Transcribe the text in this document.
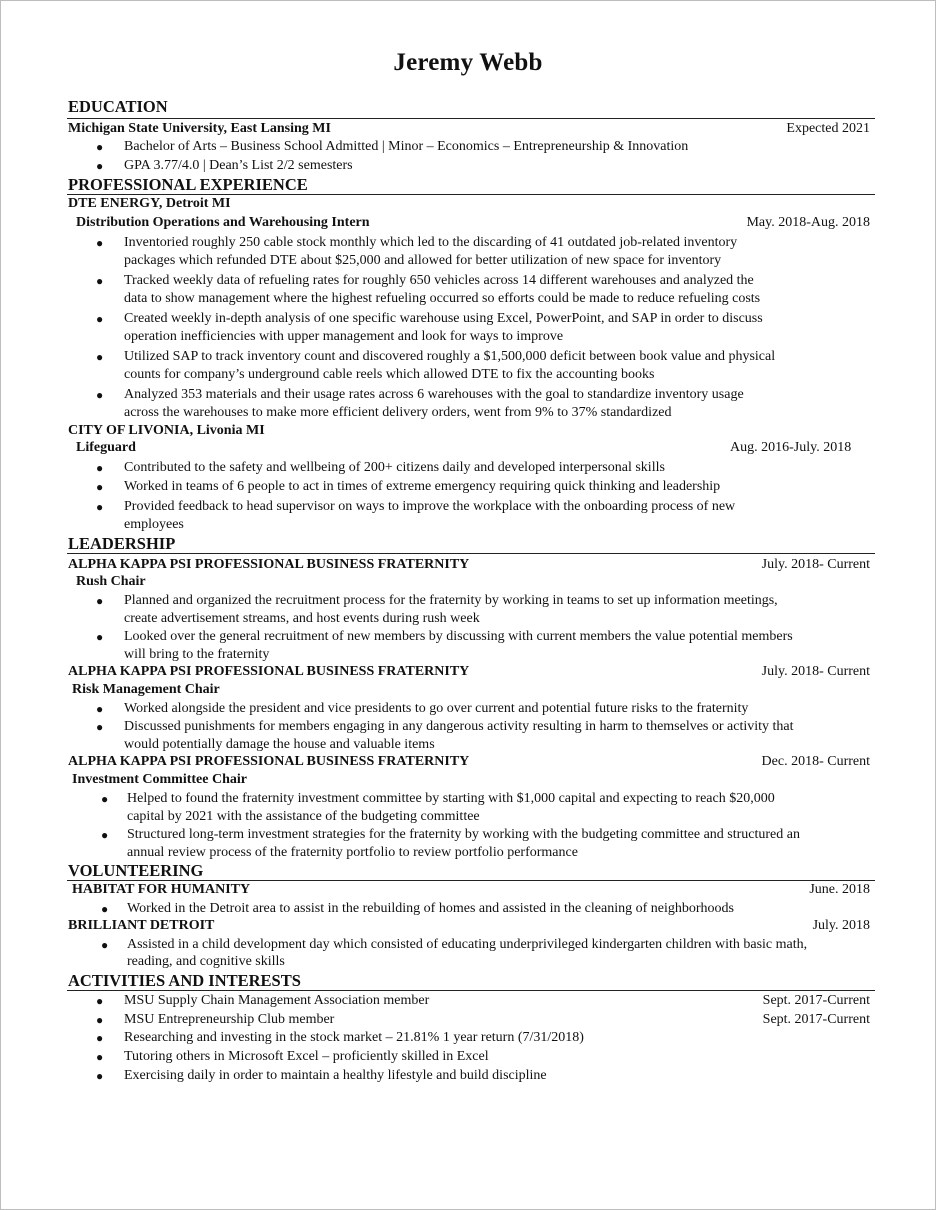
Jeremy Webb
EDUCATION
Michigan State University, East Lansing MI	Expected 2021
● Bachelor of Arts – Business School Admitted | Minor – Economics – Entrepreneurship & Innovation
● GPA 3.77/4.0 | Dean’s List 2/2 semesters
PROFESSIONAL EXPERIENCE
DTE ENERGY, Detroit MI
Distribution Operations and Warehousing Intern	May. 2018-Aug. 2018
● Inventoried roughly 250 cable stock monthly which led to the discarding of 41 outdated job-related inventory
packages which refunded DTE about $25,000 and allowed for better utilization of new space for inventory
● Tracked weekly data of refueling rates for roughly 650 vehicles across 14 different warehouses and analyzed the
data to show management where the highest refueling occurred so efforts could be made to reduce refueling costs
● Created weekly in-depth analysis of one specific warehouse using Excel, PowerPoint, and SAP in order to discuss
operation inefficiencies with upper management and look for ways to improve
● Utilized SAP to track inventory count and discovered roughly a $1,500,000 deficit between book value and physical
counts for company’s underground cable reels which allowed DTE to fix the accounting books
● Analyzed 353 materials and their usage rates across 6 warehouses with the goal to standardize inventory usage
across the warehouses to make more efficient delivery orders, went from 9% to 37% standardized
CITY OF LIVONIA, Livonia MI
Lifeguard	Aug. 2016-July. 2018
● Contributed to the safety and wellbeing of 200+ citizens daily and developed interpersonal skills
● Worked in teams of 6 people to act in times of extreme emergency requiring quick thinking and leadership
● Provided feedback to head supervisor on ways to improve the workplace with the onboarding process of new
employees
LEADERSHIP
ALPHA KAPPA PSI PROFESSIONAL BUSINESS FRATERNITY	July. 2018- Current
Rush Chair
● Planned and organized the recruitment process for the fraternity by working in teams to set up information meetings,
create advertisement streams, and host events during rush week
● Looked over the general recruitment of new members by discussing with current members the value potential members
will bring to the fraternity
ALPHA KAPPA PSI PROFESSIONAL BUSINESS FRATERNITY	July. 2018- Current
Risk Management Chair
● Worked alongside the president and vice presidents to go over current and potential future risks to the fraternity
● Discussed punishments for members engaging in any dangerous activity resulting in harm to themselves or activity that
would potentially damage the house and valuable items
ALPHA KAPPA PSI PROFESSIONAL BUSINESS FRATERNITY	Dec. 2018- Current
Investment Committee Chair
● Helped to found the fraternity investment committee by starting with $1,000 capital and expecting to reach $20,000
capital by 2021 with the assistance of the budgeting committee
● Structured long-term investment strategies for the fraternity by working with the budgeting committee and structured an
annual review process of the fraternity portfolio to review portfolio performance
VOLUNTEERING
HABITAT FOR HUMANITY	June. 2018
● Worked in the Detroit area to assist in the rebuilding of homes and assisted in the cleaning of neighborhoods
BRILLIANT DETROIT	July. 2018
● Assisted in a child development day which consisted of educating underprivileged kindergarten children with basic math,
reading, and cognitive skills
ACTIVITIES AND INTERESTS
● MSU Supply Chain Management Association member	Sept. 2017-Current
● MSU Entrepreneurship Club member	Sept. 2017-Current
● Researching and investing in the stock market – 21.81% 1 year return (7/31/2018)
● Tutoring others in Microsoft Excel – proficiently skilled in Excel
● Exercising daily in order to maintain a healthy lifestyle and build discipline
